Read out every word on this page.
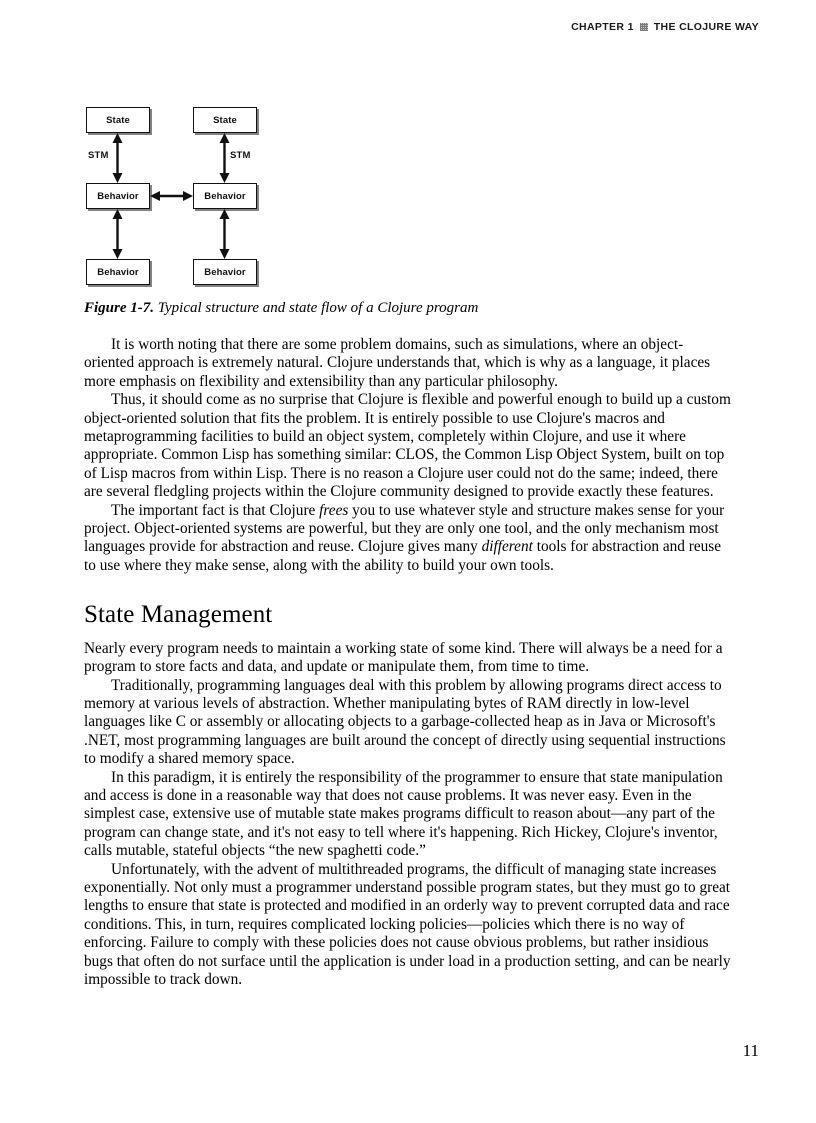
CHAPTER 1 THE CLOJURE WAY
State	State
Behavior	Behavior
Behavior	Behavior
STM	STM
Figure 1-7. Typical structure and state flow of a Clojure program

It is worth noting that there are some problem domains, such as simulations, where an object-oriented approach is extremely natural. Clojure understands that, which is why as a language, it places more emphasis on flexibility and extensibility than any particular philosophy.

Thus, it should come as no surprise that Clojure is flexible and powerful enough to build up a custom object-oriented solution that fits the problem. It is entirely possible to use Clojure's macros and metaprogramming facilities to build an object system, completely within Clojure, and use it where appropriate. Common Lisp has something similar: CLOS, the Common Lisp Object System, built on top of Lisp macros from within Lisp. There is no reason a Clojure user could not do the same; indeed, there are several fledgling projects within the Clojure community designed to provide exactly these features.

The important fact is that Clojure frees you to use whatever style and structure makes sense for your project. Object-oriented systems are powerful, but they are only one tool, and the only mechanism most languages provide for abstraction and reuse. Clojure gives many different tools for abstraction and reuse to use where they make sense, along with the ability to build your own tools.

State Management

Nearly every program needs to maintain a working state of some kind. There will always be a need for a program to store facts and data, and update or manipulate them, from time to time.

Traditionally, programming languages deal with this problem by allowing programs direct access to memory at various levels of abstraction. Whether manipulating bytes of RAM directly in low-level languages like C or assembly or allocating objects to a garbage-collected heap as in Java or Microsoft's .NET, most programming languages are built around the concept of directly using sequential instructions to modify a shared memory space.

In this paradigm, it is entirely the responsibility of the programmer to ensure that state manipulation and access is done in a reasonable way that does not cause problems. It was never easy. Even in the simplest case, extensive use of mutable state makes programs difficult to reason about—any part of the program can change state, and it's not easy to tell where it's happening. Rich Hickey, Clojure's inventor, calls mutable, stateful objects “the new spaghetti code.”

Unfortunately, with the advent of multithreaded programs, the difficult of managing state increases exponentially. Not only must a programmer understand possible program states, but they must go to great lengths to ensure that state is protected and modified in an orderly way to prevent corrupted data and race conditions. This, in turn, requires complicated locking policies—policies which there is no way of enforcing. Failure to comply with these policies does not cause obvious problems, but rather insidious bugs that often do not surface until the application is under load in a production setting, and can be nearly impossible to track down.

11
